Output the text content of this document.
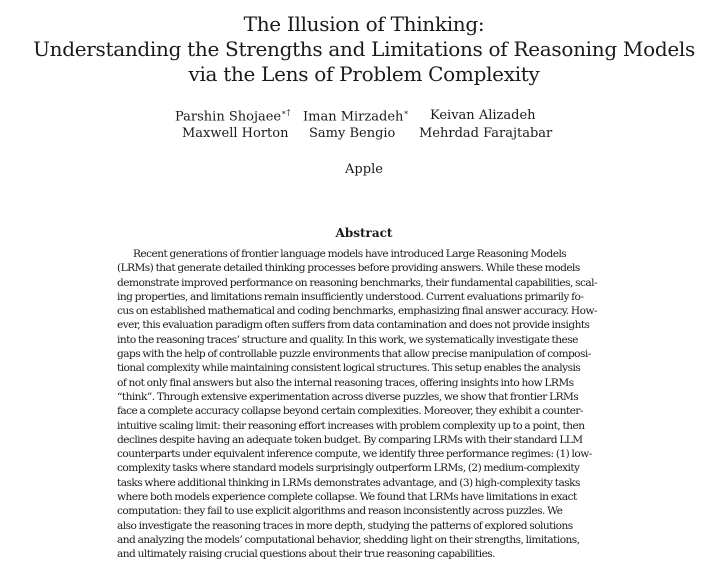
The Illusion of Thinking:
Understanding the Strengths and Limitations of Reasoning Models
via the Lens of Problem Complexity
Parshin Shojaee∗† Iman Mirzadeh∗ Keivan Alizadeh
Maxwell Horton Samy Bengio Mehrdad Farajtabar
Apple
Abstract
Recent generations of frontier language models have introduced Large Reasoning Models
(LRMs) that generate detailed thinking processes before providing answers. While these models
demonstrate improved performance on reasoning benchmarks, their fundamental capabilities, scal-
ing properties, and limitations remain insufficiently understood. Current evaluations primarily fo-
cus on established mathematical and coding benchmarks, emphasizing final answer accuracy. How-
ever, this evaluation paradigm often suffers from data contamination and does not provide insights
into the reasoning traces’ structure and quality. In this work, we systematically investigate these
gaps with the help of controllable puzzle environments that allow precise manipulation of composi-
tional complexity while maintaining consistent logical structures. This setup enables the analysis
of not only final answers but also the internal reasoning traces, offering insights into how LRMs
“think”. Through extensive experimentation across diverse puzzles, we show that frontier LRMs
face a complete accuracy collapse beyond certain complexities. Moreover, they exhibit a counter-
intuitive scaling limit: their reasoning effort increases with problem complexity up to a point, then
declines despite having an adequate token budget. By comparing LRMs with their standard LLM
counterparts under equivalent inference compute, we identify three performance regimes: (1) low-
complexity tasks where standard models surprisingly outperform LRMs, (2) medium-complexity
tasks where additional thinking in LRMs demonstrates advantage, and (3) high-complexity tasks
where both models experience complete collapse. We found that LRMs have limitations in exact
computation: they fail to use explicit algorithms and reason inconsistently across puzzles. We
also investigate the reasoning traces in more depth, studying the patterns of explored solutions
and analyzing the models’ computational behavior, shedding light on their strengths, limitations,
and ultimately raising crucial questions about their true reasoning capabilities.
